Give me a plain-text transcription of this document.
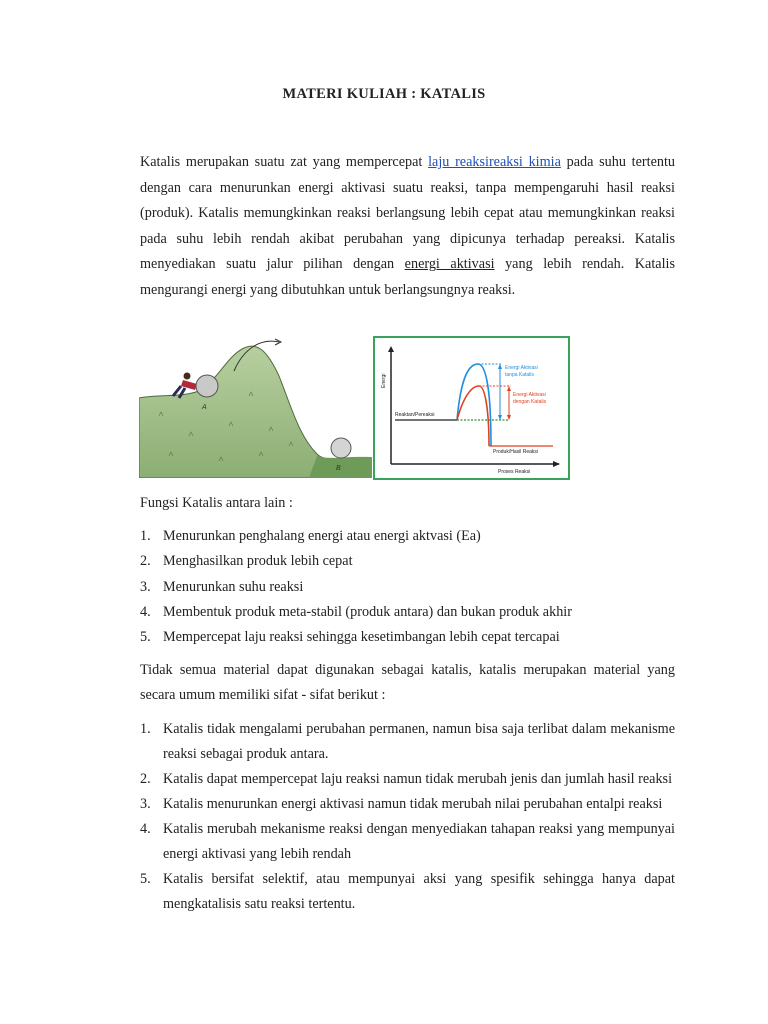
MATERI KULIAH : KATALIS

Katalis merupakan suatu zat yang mempercepat laju reaksireaksi kimia pada suhu tertentu dengan cara menurunkan energi aktivasi suatu reaksi, tanpa mempengaruhi hasil reaksi (produk). Katalis memungkinkan reaksi berlangsung lebih cepat atau memungkinkan reaksi pada suhu lebih rendah akibat perubahan yang dipicunya terhadap pereaksi. Katalis menyediakan suatu jalur pilihan dengan energi aktivasi yang lebih rendah. Katalis mengurangi energi yang dibutuhkan untuk berlangsungnya reaksi.

A
B
Energi
Proses Reaksi
Reaktan/Pereaksi
Produk/Hasil Reaksi
Energi Aktivasi
tanpa Katalis
Energi Aktivasi
dengan Katalis

Fungsi Katalis antara lain :

1. Menurunkan penghalang energi atau energi aktvasi (Ea)
2. Menghasilkan produk lebih cepat
3. Menurunkan suhu reaksi
4. Membentuk produk meta-stabil (produk antara) dan bukan produk akhir
5. Mempercepat laju reaksi sehingga kesetimbangan lebih cepat tercapai

Tidak semua material dapat digunakan sebagai katalis, katalis merupakan material yang secara umum memiliki sifat - sifat berikut :

1. Katalis tidak mengalami perubahan permanen, namun bisa saja terlibat dalam mekanisme reaksi sebagai produk antara.
2. Katalis dapat mempercepat laju reaksi namun tidak merubah jenis dan jumlah hasil reaksi
3. Katalis menurunkan energi aktivasi namun tidak merubah nilai perubahan entalpi reaksi
4. Katalis merubah mekanisme reaksi dengan menyediakan tahapan reaksi yang mempunyai energi aktivasi yang lebih rendah
5. Katalis bersifat selektif, atau mempunyai aksi yang spesifik sehingga hanya dapat mengkatalisis satu reaksi tertentu.
